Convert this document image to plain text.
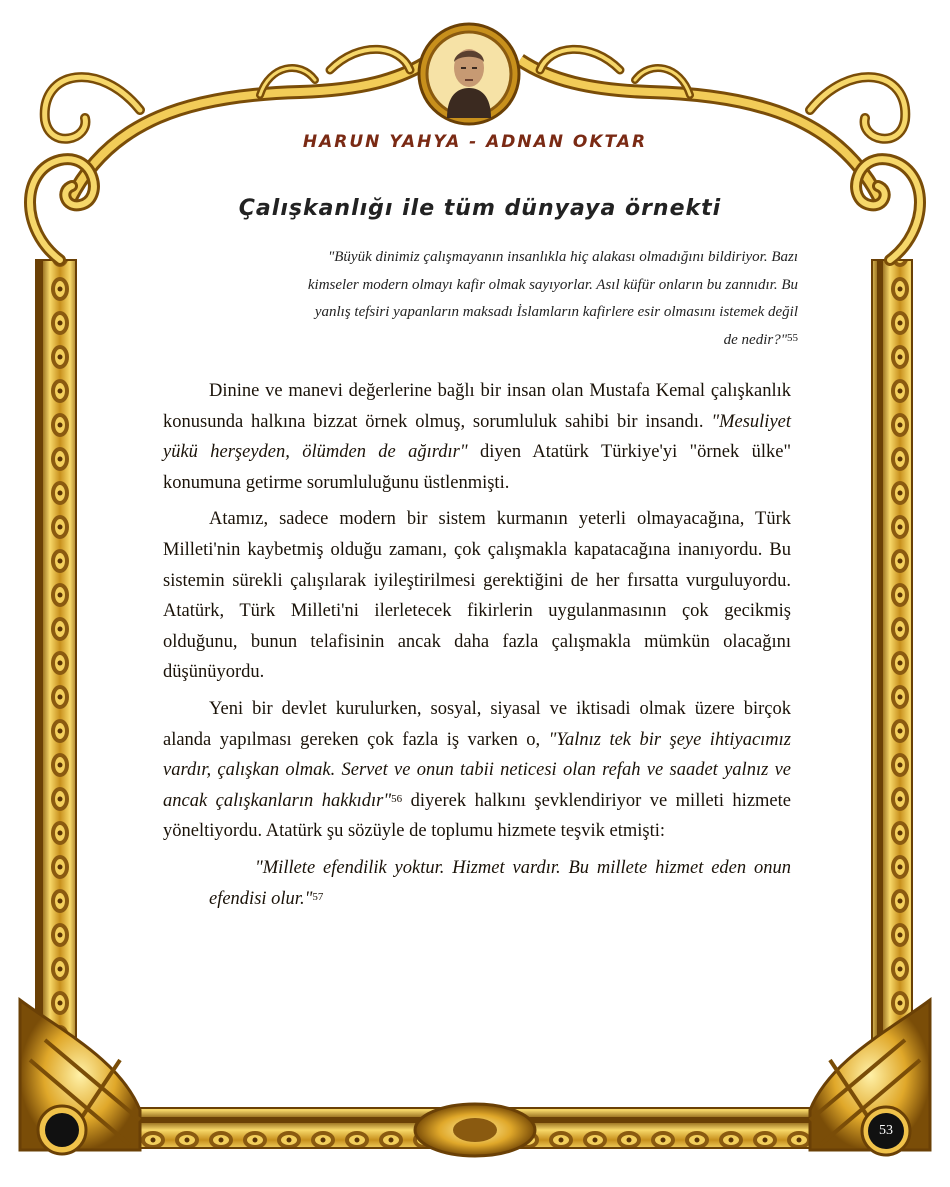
HARUN YAHYA - ADNAN OKTAR
Çalışkanlığı ile tüm dünyaya örnekti
"Büyük dinimiz çalışmayanın insanlıkla hiç alakası olmadığını bildiriyor. Bazı kimseler modern olmayı kafir olmak sayıyorlar. Asıl küfür onların bu zannıdır. Bu yanlış tefsiri yapanların maksadı İslamların kafirlere esir olmasını istemek değil de nedir?"$^{55}$

Dinine ve manevi değerlerine bağlı bir insan olan Mustafa Kemal çalışkanlık konusunda halkına bizzat örnek olmuş, sorumluluk sahibi bir insandı. "Mesuliyet yükü herşeyden, ölümden de ağırdır" diyen Atatürk Türkiye'yi "örnek ülke" konumuna getirme sorumluluğunu üstlenmişti.

Atamız, sadece modern bir sistem kurmanın yeterli olmayacağına, Türk Milleti'nin kaybetmiş olduğu zamanı, çok çalışmakla kapatacağına inanıyordu. Bu sistemin sürekli çalışılarak iyileştirilmesi gerektiğini de her fırsatta vurguluyordu. Atatürk, Türk Milleti'ni ilerletecek fikirlerin uygulanmasının çok gecikmiş olduğunu, bunun telafisinin ancak daha fazla çalışmakla mümkün olacağını düşünüyordu.

Yeni bir devlet kurulurken, sosyal, siyasal ve iktisadi olmak üzere birçok alanda yapılması gereken çok fazla iş varken o, "Yalnız tek bir şeye ihtiyacımız vardır, çalışkan olmak. Servet ve onun tabii neticesi olan refah ve saadet yalnız ve ancak çalışkanların hakkıdır"$^{56}$ diyerek halkını şevklendiriyor ve milleti hizmete yöneltiyordu. Atatürk şu sözüyle de toplumu hizmete teşvik etmişti:

"Millete efendilik yoktur. Hizmet vardır. Bu millete hizmet eden onun efendisi olur."$^{57}$

53
